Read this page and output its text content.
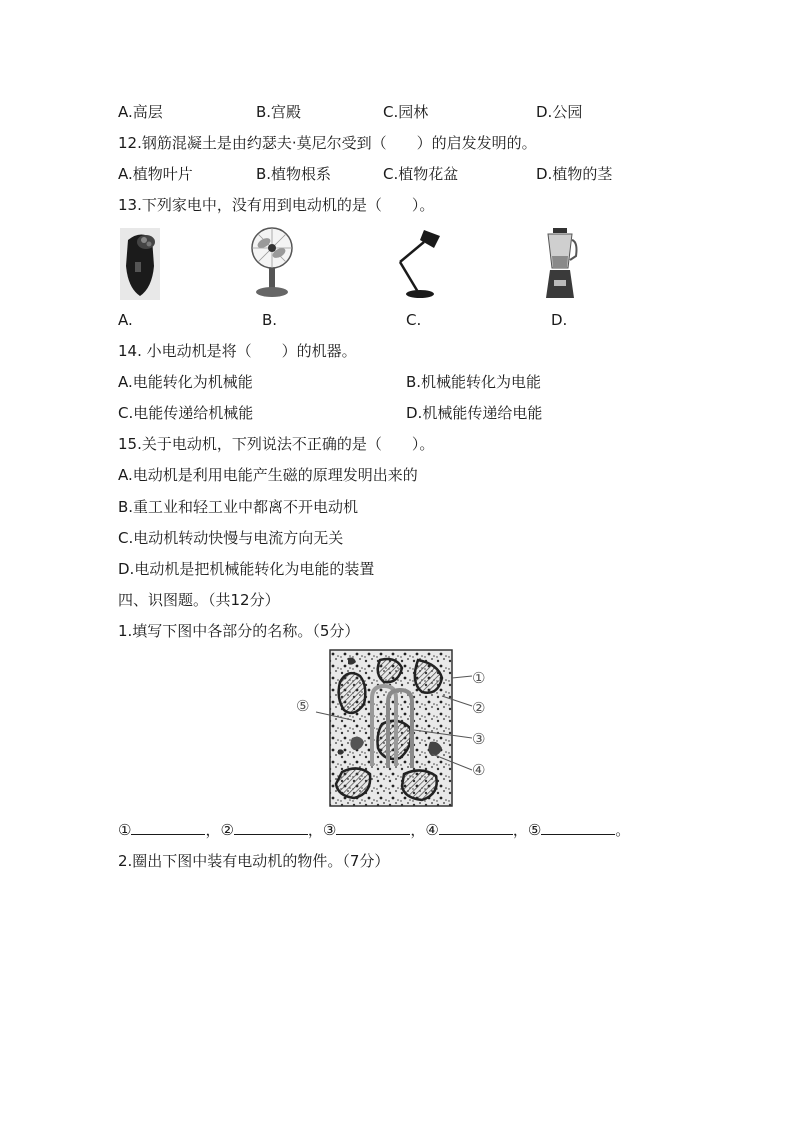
A.高层	B.宫殿	C.园林	D.公园
12.钢筋混凝土是由约瑟夫·莫尼尔受到（　　）的启发发明的。
A.植物叶片	B.植物根系	C.植物花盆	D.植物的茎
13.下列家电中，没有用到电动机的是（　　）。
A.	B.	C.	D.
14. 小电动机是将（　　）的机器。
A.电能转化为机械能	B.机械能转化为电能
C.电能传递给机械能	D.机械能传递给电能
15.关于电动机，下列说法不正确的是（　　）。
A.电动机是利用电能产生磁的原理发明出来的
B.重工业和轻工业中都离不开电动机
C.电动机转动快慢与电流方向无关
D.电动机是把机械能转化为电能的装置
四、识图题。（共12分）
1.填写下图中各部分的名称。（5分）
①
②
③
④
⑤
①	，②	，③	，④	，⑤	。
2.圈出下图中装有电动机的物件。（7分）
